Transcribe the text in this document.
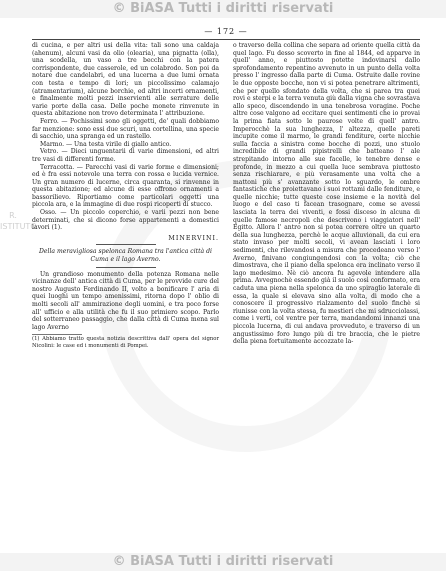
© BiASA Tutti i diritti riservati
R. ISTITUTO
— 172 —

di cucina, e per altri usi della vita: tali sono una caldaja (ahenum), alcuni vasi da olio (olearia), una pignatta (olla), una scodella, un vaso a tre becchi con la patera corrispondente, due casserole, ed un colabrodo. Son poi da notare due candelabri, ed una lucerna a due lumi ornata con testa e tempo di lori; un piccolissimo calamajo (atramentarium), alcune borchie, ed altri incerti ornamenti, e finalmente molti pezzi inservienti alle serrature delle varie porte della casa. Delle poche monete rinvenute in questa abitazione non trovo determinata l' attribuzione.

Ferro. — Pochissimi sono gli oggetti, de' quali dobbiamo far menzione: sono essi due scuri, una cortellina, una specie di sacchio, una spranga ed un rastello.

Marmo. — Una testa virile di giallo antico.

Vetro. — Dieci unguentarii di varie dimensioni, ed altri tre vasi di differenti forme.

Terracotta. — Parecchi vasi di varie forme e dimensioni; ed è fra essi notevole una terra con rossa e lucida vernice. Un gran numero di lucerne, circa quaranta, si rinvenne in questa abitazione; ed alcune di esse offrono ornamenti a bassorilievo. Riportiamo come particolari oggetti una piccola ara, e la immagine di due rospi ricoperti di stucco.

Osso. — Un piccolo coperchio, e varii pezzi non bene determinati, che si dicono forse appartenenti a domestici lavori (1).

MINERVINI.
Della meravigliosa spelonca Romana tra l'antica città di Cuma e il lago Averno.

Un grandioso monumento della potenza Romana nelle vicinanze dell' antica città di Cuma, per le provvide cure del nostro Augusto Ferdinando II, volto a bonificare l' aria di quei luoghi un tempo amenissimi, ritorna dopo l' oblio di molti secoli all' ammirazione degli uomini, e tra poco forse all' ufficio e alla utilità che fu il suo primiero scopo. Parlo del sotterraneo passaggio, che dalla città di Cuma mena sul lago Averno

(1) Abbiamo tratto questa notizia descrittiva dall' opera del signor Nicolini: le case ed i monumenti di Pompei.

o traverso della collina che separa ad oriente quella città da quel lago. Fu desso scoverto in fine al 1844, ed apparve in quell' anno, e piuttosto potette indovinarsi dallo sprofondamento repentino avvenuto in un punto della volta presso l' ingresso dalla parte di Cuma. Ostruite dalle rovine le due opposte bocche, non vi si potea penetrare altrimenti, che per quello sfondato della volta, che si parea tra quei rovi e sterpi e la terra venuta giù dalla vigna che sovrastava allo speco, discendendo in una tenebrosa voragine. Poche altre cose valgono ad eccitare quei sentimenti che io provai la prima fiata sotto le paurose volte di quell' antro. Imperocchè la sua lunghezza, l' altezza, quelle pareti incupite come il marmo, le grandi fenditure, certe nicchie sulla faccia a sinistra come bocche di pozzi, uno stuolo incredibile di grandi pipistrelli che batteano l' ale strepitando intorno alle sue facelle, le tenebre dense e profonde, in mezzo a cui quella luce sembrava piuttosto senza rischiarare, e più verasamente una volta che a mattoni più s' avanzante sotto lo sguardo, le ombre fantastiche che proiettavano i suoi rottami dalle fenditure, e quelle nicchie; tutte queste cose insieme e la novità del luogo e del caso ti facean trasognare, come se avessi lasciata la terra dei viventi, e fossi disceso in alcuna di quelle famose necropoli che descrivono i viaggiatori nell' Egitto. Allora l' antro non si potea correre oltre un quarto della sua lunghezza, perchè le acque alluvionali, da cui era stato invaso per molti secoli, vi avean lasciati i loro sedimenti, che rilevandosi a misura che procedeano verso l' Averno, finivano congiungendosi con la volta; ciò che dimostrava, che il piano della spelonca era inclinato verso il lago medesimo. Nè ciò ancora fu agevole intendere alla prima. Avvegnochè essendo già il suolo così conformato, era caduta una piena nella spelonca da uno spiraglio laterale di essa, la quale si elevava sino alla volta, di modo che a conoscere il progressivo rialzamento del suolo finchè si riunisse con la volta stessa, fu mestieri che mi sdrucciolassi, come i verti, col ventre per terra, mandandomi innanzi una piccola lucerna, di cui andava provveduto, e traverso di un angustissimo foro lungo più di tre braccia, che le pietre della piena fortuitamente accozzate la-

© BiASA Tutti i diritti riservati
